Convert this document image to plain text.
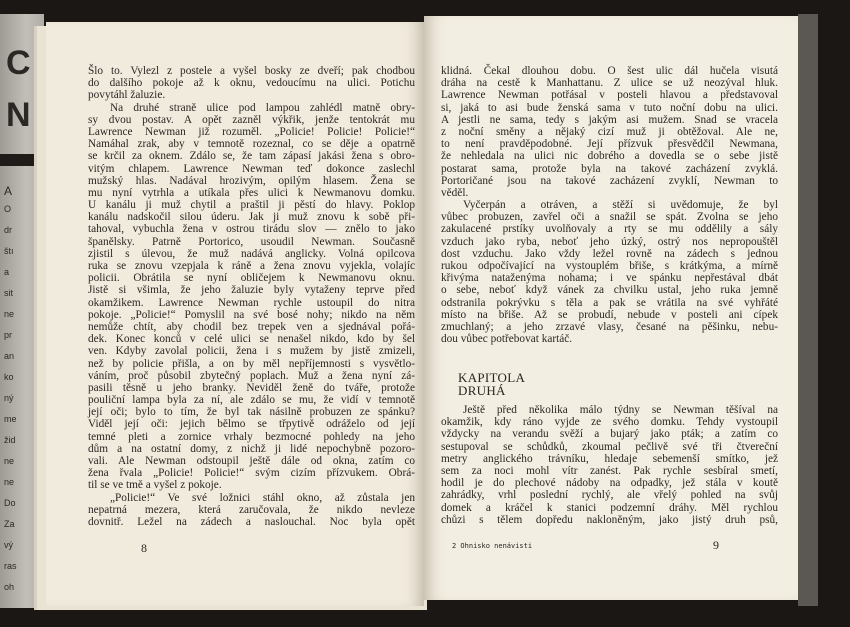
C
N
A
O
dr
štı
a
sit
ne
pr
an
ko
ný
me
žid
ne
ne
Do
Za
vý
ras
oh
Šlo to. Vylezl z postele a vyšel bosky ze dveří; pak chodbou
do dalšího pokoje až k oknu, vedoucímu na ulici. Potichu
povytáhl žaluzie.
Na druhé straně ulice pod lampou zahlédl matně obry-
sy dvou postav. A opět zazněl výkřik, jenže tentokrát mu
Lawrence Newman již rozuměl. „Policie! Policie! Policie!“
Namáhal zrak, aby v temnotě rozeznal, co se děje a opatrně
se krčil za oknem. Zdálo se, že tam zápasí jakási žena s obro-
vitým chlapem. Lawrence Newman teď dokonce zaslechl
mužský hlas. Nadával hrozivým, opilým hlasem. Žena se
mu nyní vytrhla a utíkala přes ulici k Newmanovu domku.
U kanálu ji muž chytil a praštil ji pěstí do hlavy. Poklop
kanálu nadskočil silou úderu. Jak ji muž znovu k sobě při-
tahoval, vybuchla žena v ostrou tirádu slov — znělo to jako
španělsky. Patrně Portorico, usoudil Newman. Současně
zjistil s úlevou, že muž nadává anglicky. Volná opilcova
ruka se znovu vzepjala k ráně a žena znovu vyjekla, volajíc
policii. Obrátila se nyní obličejem k Newmanovu oknu.
Jistě si všimla, že jeho žaluzie byly vytaženy teprve před
okamžikem. Lawrence Newman rychle ustoupil do nitra
pokoje. „Policie!“ Pomyslil na své bosé nohy; nikdo na něm
nemůže chtít, aby chodil bez trepek ven a sjednával pořá-
dek. Konec konců v celé ulici se nenašel nikdo, kdo by šel
ven. Kdyby zavolal policii, žena i s mužem by jistě zmizeli,
než by policie přišla, a on by měl nepříjemnosti s vysvětlo-
váním, proč působil zbytečný poplach. Muž a žena nyní zá-
pasili těsně u jeho branky. Neviděl ženě do tváře, protože
pouliční lampa byla za ní, ale zdálo se mu, že vidí v temnotě
její oči; bylo to tím, že byl tak násilně probuzen ze spánku?
Viděl její oči: jejich bělmo se třpytivě odráželo od její
temné pleti a zornice vrhaly bezmocné pohledy na jeho
dům a na ostatní domy, z nichž ji lidé nepochybně pozoro-
vali. Ale Newman odstoupil ještě dále od okna, zatím co
žena řvala „Policie! Policie!“ svým cizím přízvukem. Obrá-
til se ve tmě a vyšel z pokoje.
„Policie!“ Ve své ložnici stáhl okno, až zůstala jen
nepatrná mezera, která zaručovala, že nikdo nevleze
dovnitř. Ležel na zádech a naslouchal. Noc byla opět
klidná. Čekal dlouhou dobu. O šest ulic dál hučela visutá
dráha na cestě k Manhattanu. Z ulice se už neozýval hluk.
Lawrence Newman potřásal v posteli hlavou a představoval
si, jaká to asi bude ženská sama v tuto noční dobu na ulici.
A jestli ne sama, tedy s jakým asi mužem. Snad se vracela
z noční směny a nějaký cizí muž ji obtěžoval. Ale ne,
to není pravděpodobné. Její přízvuk přesvědčil Newmana,
že nehledala na ulici nic dobrého a dovedla se o sebe jistě
postarat sama, protože byla na takové zacházení zvyklá.
Portoričané jsou na takové zacházení zvyklí, Newman to
věděl.
Vyčerpán a otráven, a stěží si uvědomuje, že byl
vůbec probuzen, zavřel oči a snažil se spát. Zvolna se jeho
zakulacené prstíky uvolňovaly a rty se mu oddělily a sály
vzduch jako ryba, neboť jeho úzký, ostrý nos nepropouštěl
dost vzduchu. Jako vždy ležel rovně na zádech s jednou
rukou odpočívající na vystouplém břiše, s krátkýma, a mírně
křivýma nataženýma nohama; i ve spánku nepřestával dbát
o sebe, neboť když vánek za chvilku ustal, jeho ruka jemně
odstranila pokrývku s těla a pak se vrátila na své vyhřáté
místo na břiše. Až se probudí, nebude v posteli ani cípek
zmuchlaný; a jeho zrzavé vlasy, česané na pěšinku, nebu-
dou vůbec potřebovat kartáč.
KAPITOLA
DRUHÁ
Ještě před několika málo týdny se Newman těšíval na
okamžik, kdy ráno vyjde ze svého domku. Tehdy vystoupil
vždycky na verandu svěží a bujarý jako pták; a zatím co
sestupoval se schůdků, zkoumal pečlivě své tři čtvereční
metry anglického trávníku, hledaje sebemenší smítko, jež
sem za noci mohl vítr zanést. Pak rychle sesbíral smetí,
hodil je do plechové nádoby na odpadky, jež stála v koutě
zahrádky, vrhl poslední rychlý, ale vřelý pohled na svůj
domek a kráčel k stanici podzemní dráhy. Měl rychlou
chůzi s tělem dopředu nakloněným, jako jistý druh psů,
8	2 Ohnisko nenávisti	9
